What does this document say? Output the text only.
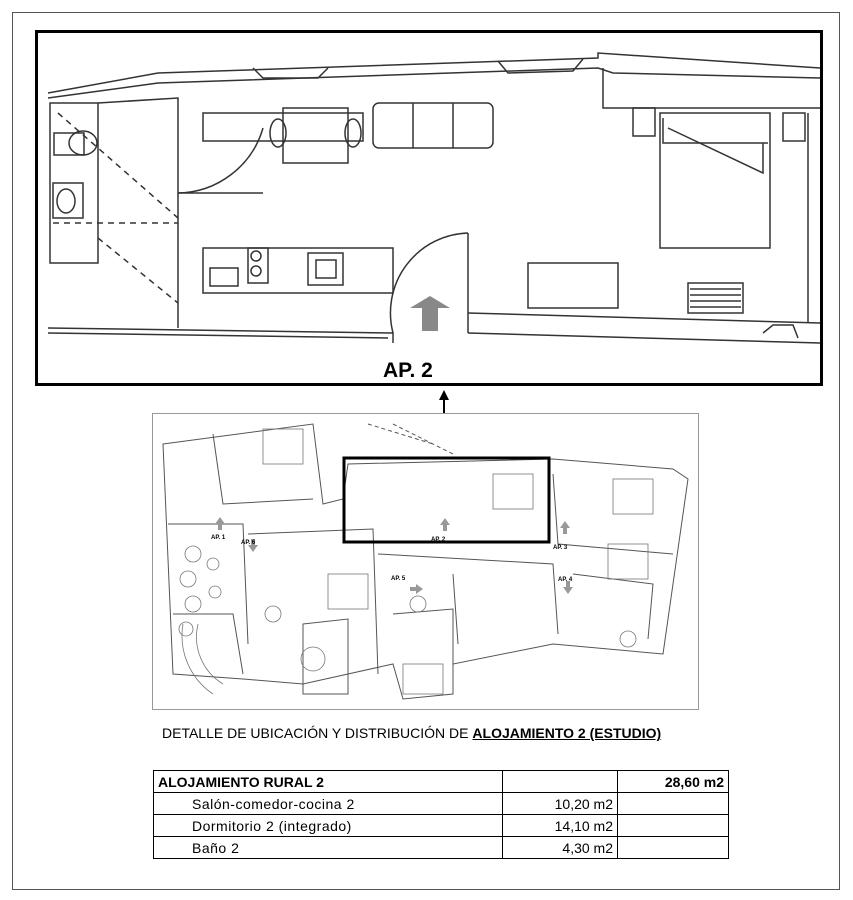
AP. 2
AP. 1
AP. 6	AP. 2
AP. 3
AP. 5	AP. 4
DETALLE DE UBICACIÓN Y DISTRIBUCIÓN DE ALOJAMIENTO 2 (ESTUDIO)
ALOJAMIENTO RURAL 2		28,60 m2
Salón-comedor-cocina 2	10,20 m2	
Dormitorio 2 (integrado)	14,10 m2	
Baño 2	4,30 m2	
